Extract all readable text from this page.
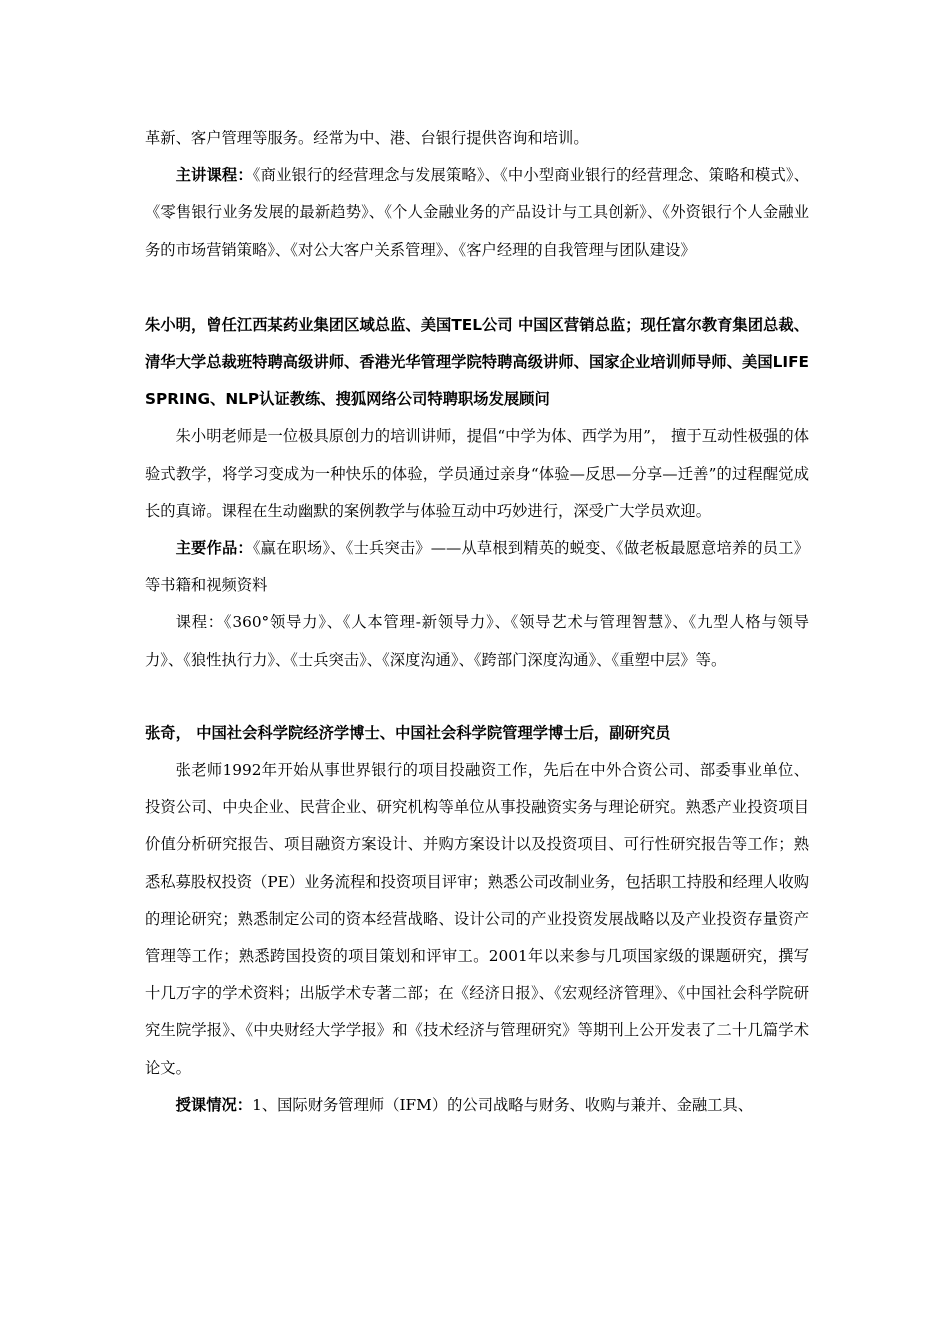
革新、客户管理等服务。经常为中、港、台银行提供咨询和培训。

主讲课程：《商业银行的经营理念与发展策略》、《中小型商业银行的经营理念、策略和模式》、《零售银行业务发展的最新趋势》、《个人金融业务的产品设计与工具创新》、《外资银行个人金融业务的市场营销策略》、《对公大客户关系管理》、《客户经理的自我管理与团队建设》

朱小明，曾任江西某药业集团区域总监、美国TEL公司 中国区营销总监；现任富尔教育集团总裁、清华大学总裁班特聘高级讲师、香港光华管理学院特聘高级讲师、国家企业培训师导师、美国LIFE SPRING、NLP认证教练、搜狐网络公司特聘职场发展顾问

朱小明老师是一位极具原创力的培训讲师，提倡“中学为体、西学为用”， 擅于互动性极强的体验式教学，将学习变成为一种快乐的体验，学员通过亲身“体验—反思—分享—迁善”的过程醒觉成长的真谛。课程在生动幽默的案例教学与体验互动中巧妙进行，深受广大学员欢迎。

主要作品：《赢在职场》、《士兵突击》——从草根到精英的蜕变、《做老板最愿意培养的员工》等书籍和视频资料

课程：《360°领导力》、《人本管理-新领导力》、《领导艺术与管理智慧》、《九型人格与领导力》、《狼性执行力》、《士兵突击》、《深度沟通》、《跨部门深度沟通》、《重塑中层》等。

张奇， 中国社会科学院经济学博士、中国社会科学院管理学博士后，副研究员

张老师1992年开始从事世界银行的项目投融资工作，先后在中外合资公司、部委事业单位、投资公司、中央企业、民营企业、研究机构等单位从事投融资实务与理论研究。熟悉产业投资项目价值分析研究报告、项目融资方案设计、并购方案设计以及投资项目、可行性研究报告等工作；熟悉私募股权投资（PE）业务流程和投资项目评审；熟悉公司改制业务，包括职工持股和经理人收购的理论研究；熟悉制定公司的资本经营战略、设计公司的产业投资发展战略以及产业投资存量资产管理等工作；熟悉跨国投资的项目策划和评审工。2001年以来参与几项国家级的课题研究，撰写十几万字的学术资料；出版学术专著二部；在《经济日报》、《宏观经济管理》、《中国社会科学院研究生院学报》、《中央财经大学学报》和《技术经济与管理研究》等期刊上公开发表了二十几篇学术论文。

授课情况：1、国际财务管理师（IFM）的公司战略与财务、收购与兼并、金融工具、
